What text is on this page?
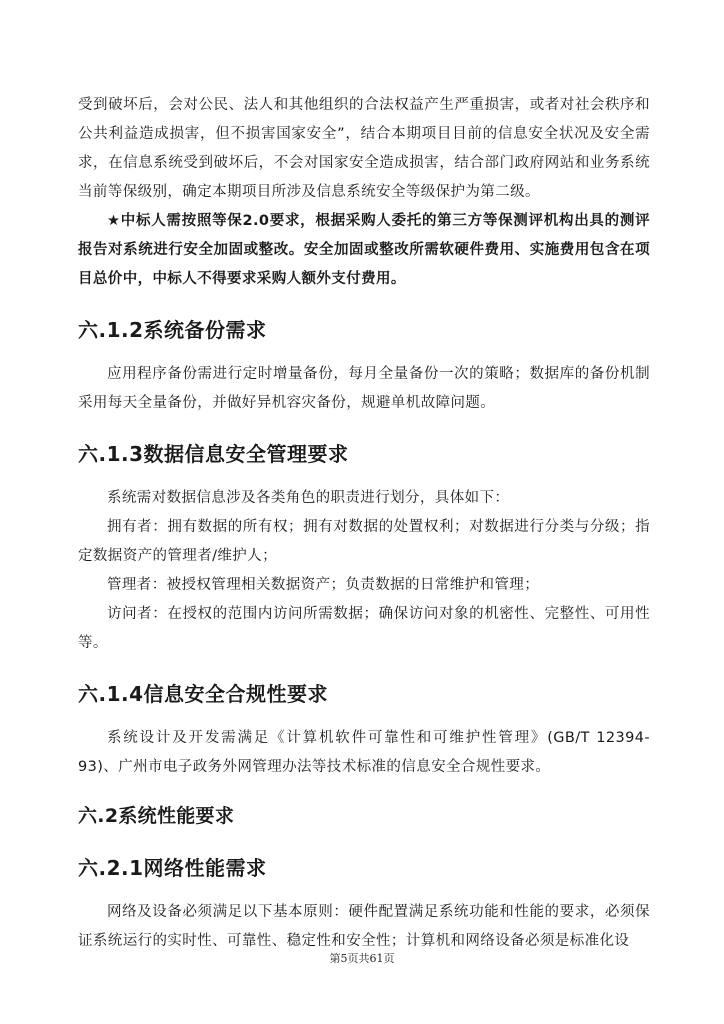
受到破坏后，会对公民、法人和其他组织的合法权益产生严重损害，或者对社会秩序和公共利益造成损害，但不损害国家安全”，结合本期项目目前的信息安全状况及安全需求，在信息系统受到破坏后，不会对国家安全造成损害，结合部门政府网站和业务系统当前等保级别，确定本期项目所涉及信息系统安全等级保护为第二级。

★中标人需按照等保2.0要求，根据采购人委托的第三方等保测评机构出具的测评报告对系统进行安全加固或整改。安全加固或整改所需软硬件费用、实施费用包含在项目总价中，中标人不得要求采购人额外支付费用。

六.1.2系统备份需求

应用程序备份需进行定时增量备份，每月全量备份一次的策略；数据库的备份机制采用每天全量备份，并做好异机容灾备份，规避单机故障问题。

六.1.3数据信息安全管理要求

系统需对数据信息涉及各类角色的职责进行划分，具体如下：

拥有者：拥有数据的所有权；拥有对数据的处置权利；对数据进行分类与分级；指定数据资产的管理者/维护人；

管理者：被授权管理相关数据资产；负责数据的日常维护和管理；

访问者：在授权的范围内访问所需数据；确保访问对象的机密性、完整性、可用性等。

六.1.4信息安全合规性要求

系统设计及开发需满足《计算机软件可靠性和可维护性管理》(GB/T 12394-93)、广州市电子政务外网管理办法等技术标准的信息安全合规性要求。

六.2系统性能要求
六.2.1网络性能需求

网络及设备必须满足以下基本原则：硬件配置满足系统功能和性能的要求，必须保证系统运行的实时性、可靠性、稳定性和安全性；计算机和网络设备必须是标准化设

第5页共61页
